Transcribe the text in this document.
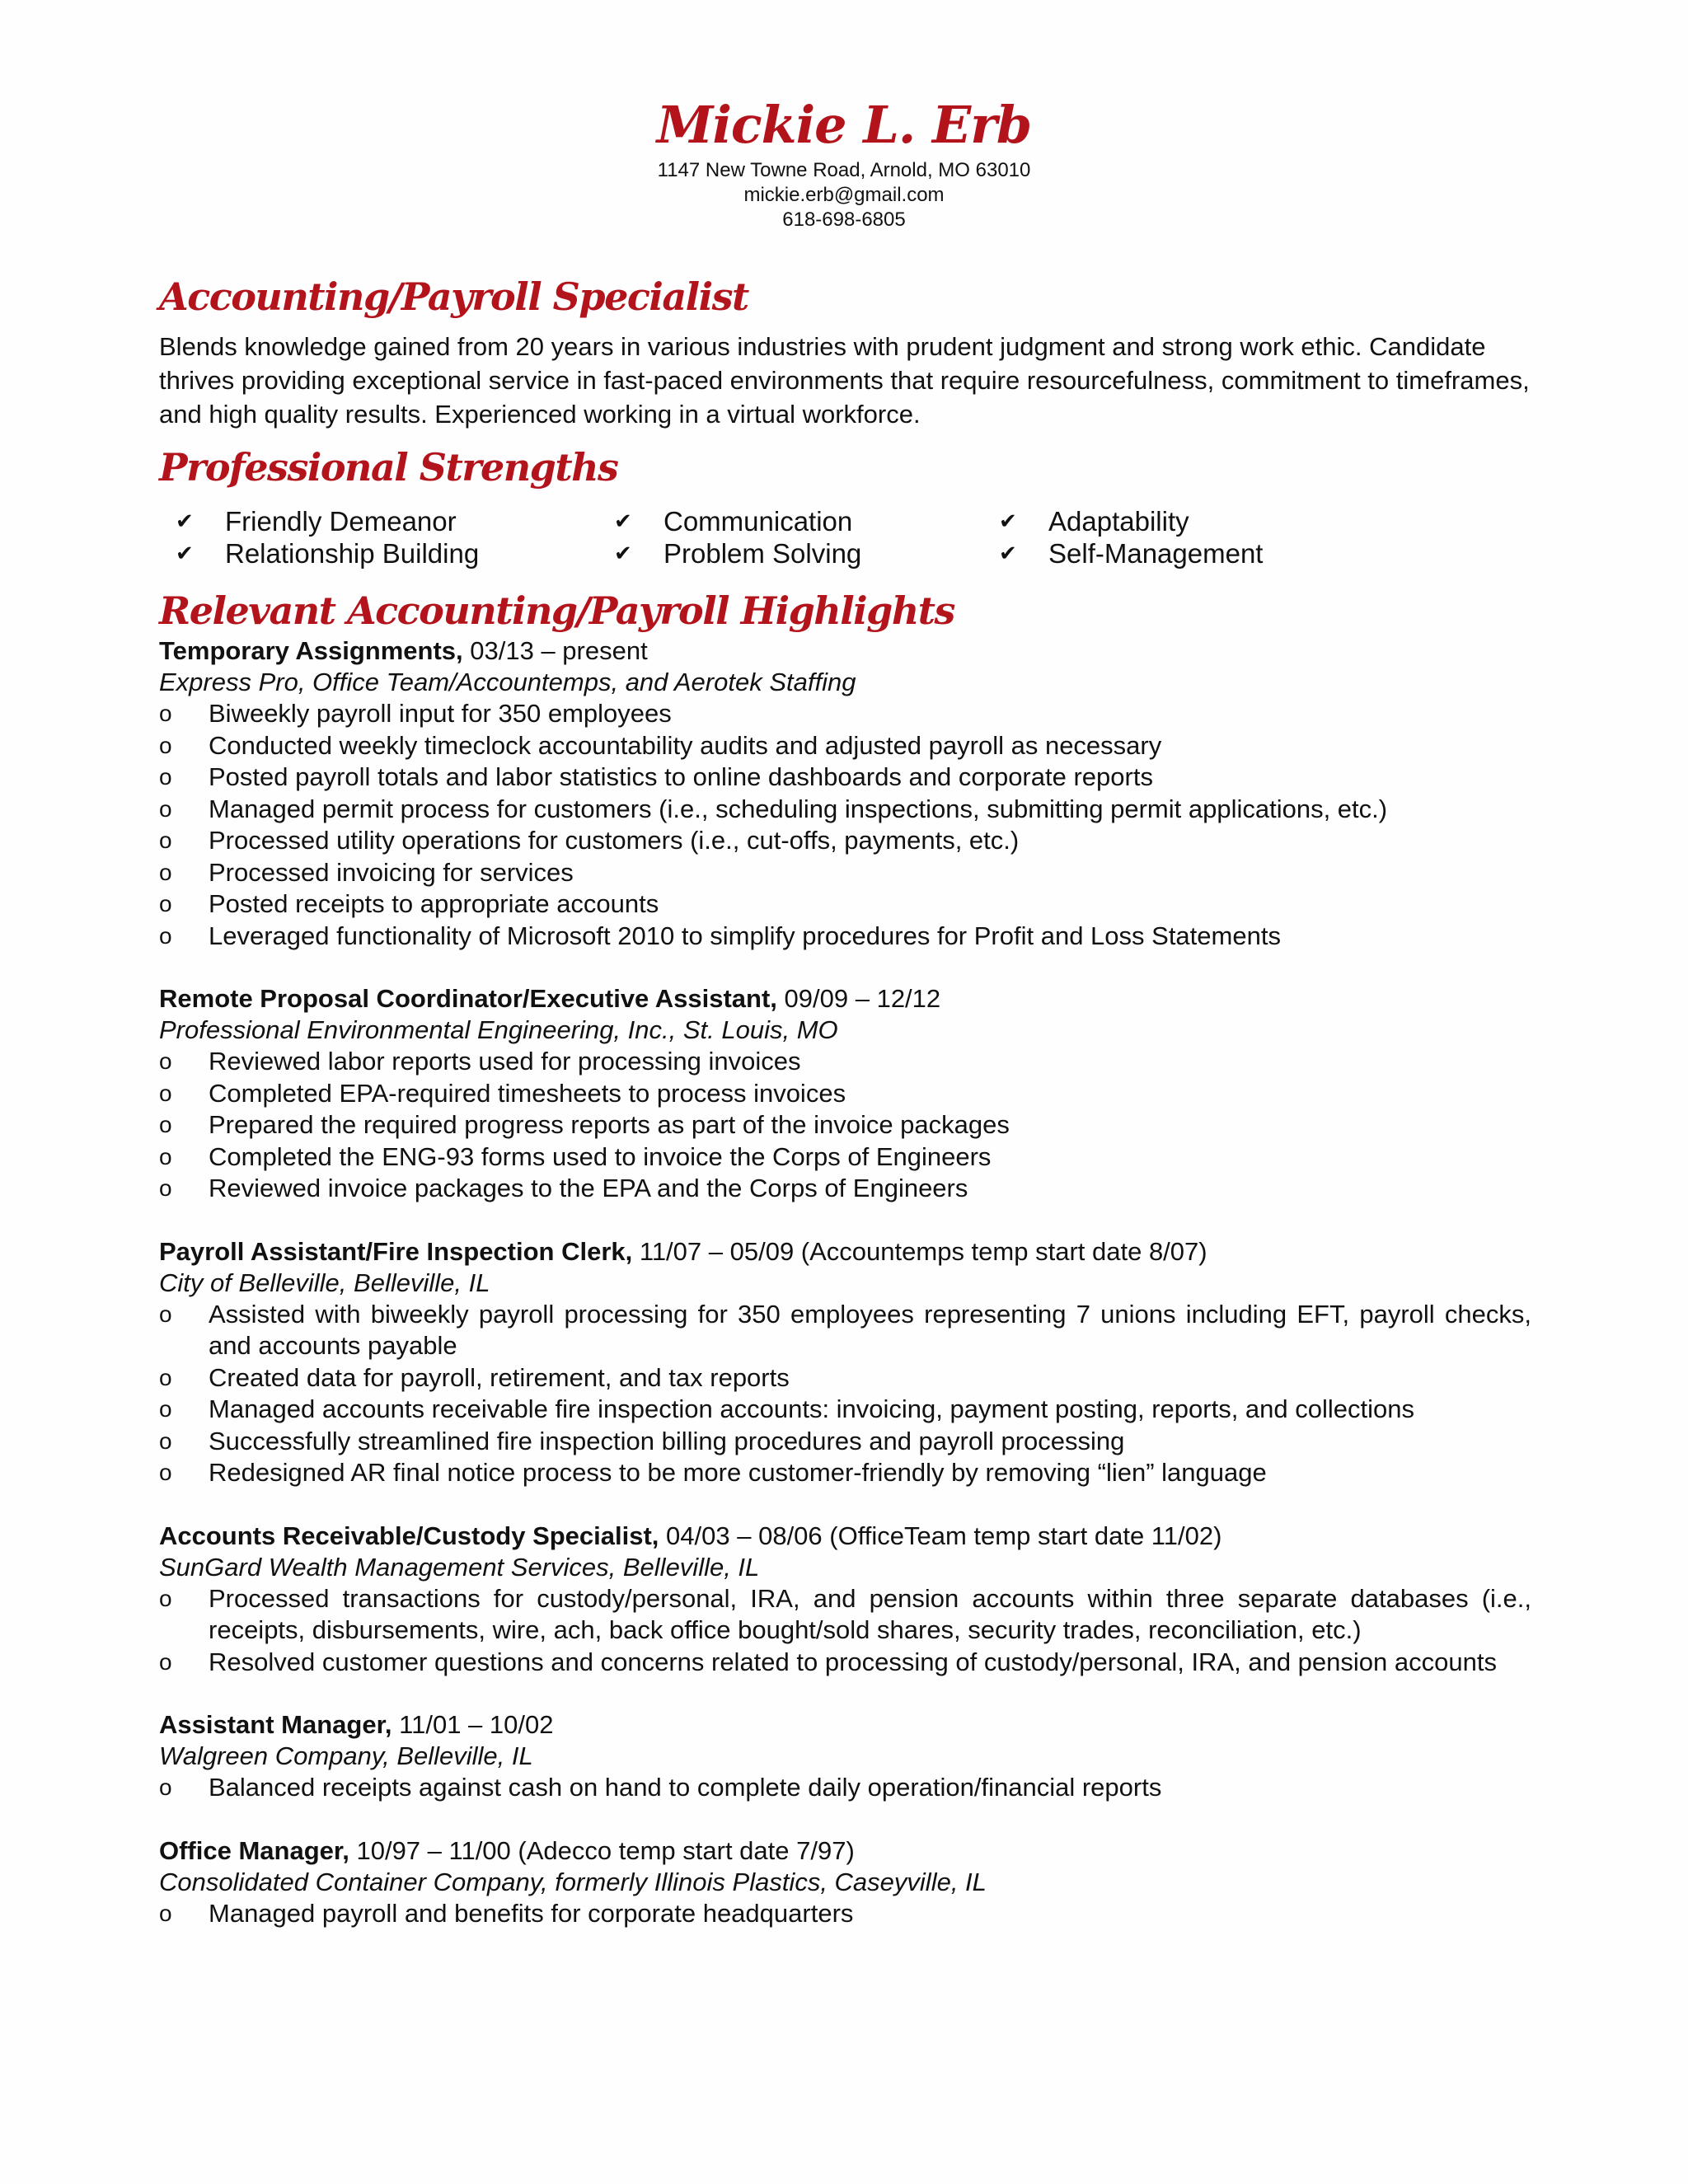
Mickie L. Erb
1147 New Towne Road, Arnold, MO 63010
mickie.erb@gmail.com
618-698-6805
Accounting/Payroll Specialist

Blends knowledge gained from 20 years in various industries with prudent judgment and strong work ethic. Candidate thrives providing exceptional service in fast-paced environments that require resourcefulness, commitment to timeframes, and high quality results. Experienced working in a virtual workforce.

Professional Strengths
✔	Friendly Demeanor	✔	Communication	✔	Adaptability
✔	Relationship Building	✔	Problem Solving	✔	Self-Management
Relevant Accounting/Payroll Highlights
Temporary Assignments, 03/13 – present
Express Pro, Office Team/Accountemps, and Aerotek Staffing
o Biweekly payroll input for 350 employees
o Conducted weekly timeclock accountability audits and adjusted payroll as necessary
o Posted payroll totals and labor statistics to online dashboards and corporate reports
o Managed permit process for customers (i.e., scheduling inspections, submitting permit applications, etc.)
o Processed utility operations for customers (i.e., cut-offs, payments, etc.)
o Processed invoicing for services
o Posted receipts to appropriate accounts
o Leveraged functionality of Microsoft 2010 to simplify procedures for Profit and Loss Statements
Remote Proposal Coordinator/Executive Assistant, 09/09 – 12/12
Professional Environmental Engineering, Inc., St. Louis, MO
o Reviewed labor reports used for processing invoices
o Completed EPA-required timesheets to process invoices
o Prepared the required progress reports as part of the invoice packages
o Completed the ENG-93 forms used to invoice the Corps of Engineers
o Reviewed invoice packages to the EPA and the Corps of Engineers
Payroll Assistant/Fire Inspection Clerk, 11/07 – 05/09 (Accountemps temp start date 8/07)
City of Belleville, Belleville, IL
o Assisted with biweekly payroll processing for 350 employees representing 7 unions including EFT, payroll checks, and accounts payable
o Created data for payroll, retirement, and tax reports
o Managed accounts receivable fire inspection accounts: invoicing, payment posting, reports, and collections
o Successfully streamlined fire inspection billing procedures and payroll processing
o Redesigned AR final notice process to be more customer-friendly by removing “lien” language
Accounts Receivable/Custody Specialist, 04/03 – 08/06 (OfficeTeam temp start date 11/02)
SunGard Wealth Management Services, Belleville, IL
o Processed transactions for custody/personal, IRA, and pension accounts within three separate databases (i.e., receipts, disbursements, wire, ach, back office bought/sold shares, security trades, reconciliation, etc.)
o Resolved customer questions and concerns related to processing of custody/personal, IRA, and pension accounts
Assistant Manager, 11/01 – 10/02
Walgreen Company, Belleville, IL
o Balanced receipts against cash on hand to complete daily operation/financial reports
Office Manager, 10/97 – 11/00 (Adecco temp start date 7/97)
Consolidated Container Company, formerly Illinois Plastics, Caseyville, IL
o Managed payroll and benefits for corporate headquarters
